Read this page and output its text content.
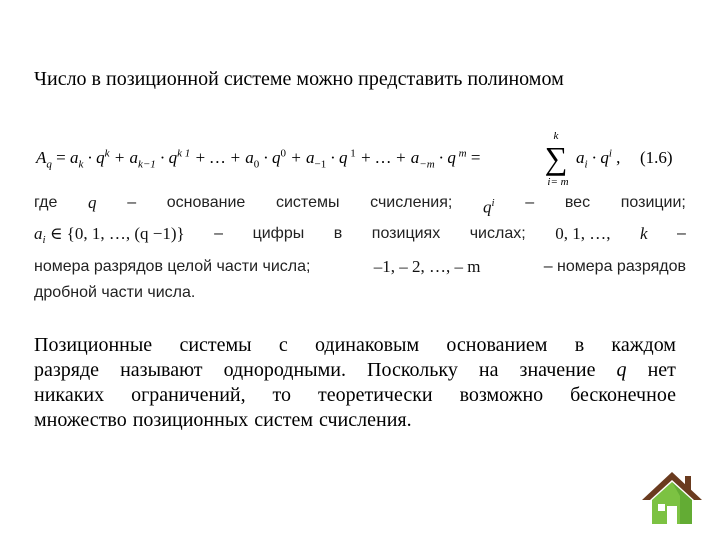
Число в позиционной системе можно представить полиномом
$A_q = a_k \cdot q^k + a_{k-1} \cdot q^{k 1}$ + … + $a_0 \cdot q^0 + a_{-1} \cdot q$ $^1$ + … + $a_{-m} \cdot q$ $^m$ =
k
∑
i= m
$a_i \cdot q^i$ , (1.6)
где q – основание системы счисления; $q^i$ – вес позиции;
$a_i$ ∈ {0, 1, …, (q −1)} – цифры в позициях числах; 0, 1, …, k –
номера разрядов целой части числа;	–1, – 2, …, – m	– номера разрядов
дробной части числа.
Позиционные системы с одинаковым основанием в каждом
разряде называют однородными. Поскольку на значение q нет
никаких ограничений, то теоретически возможно бесконечное
множество позиционных систем счисления.
